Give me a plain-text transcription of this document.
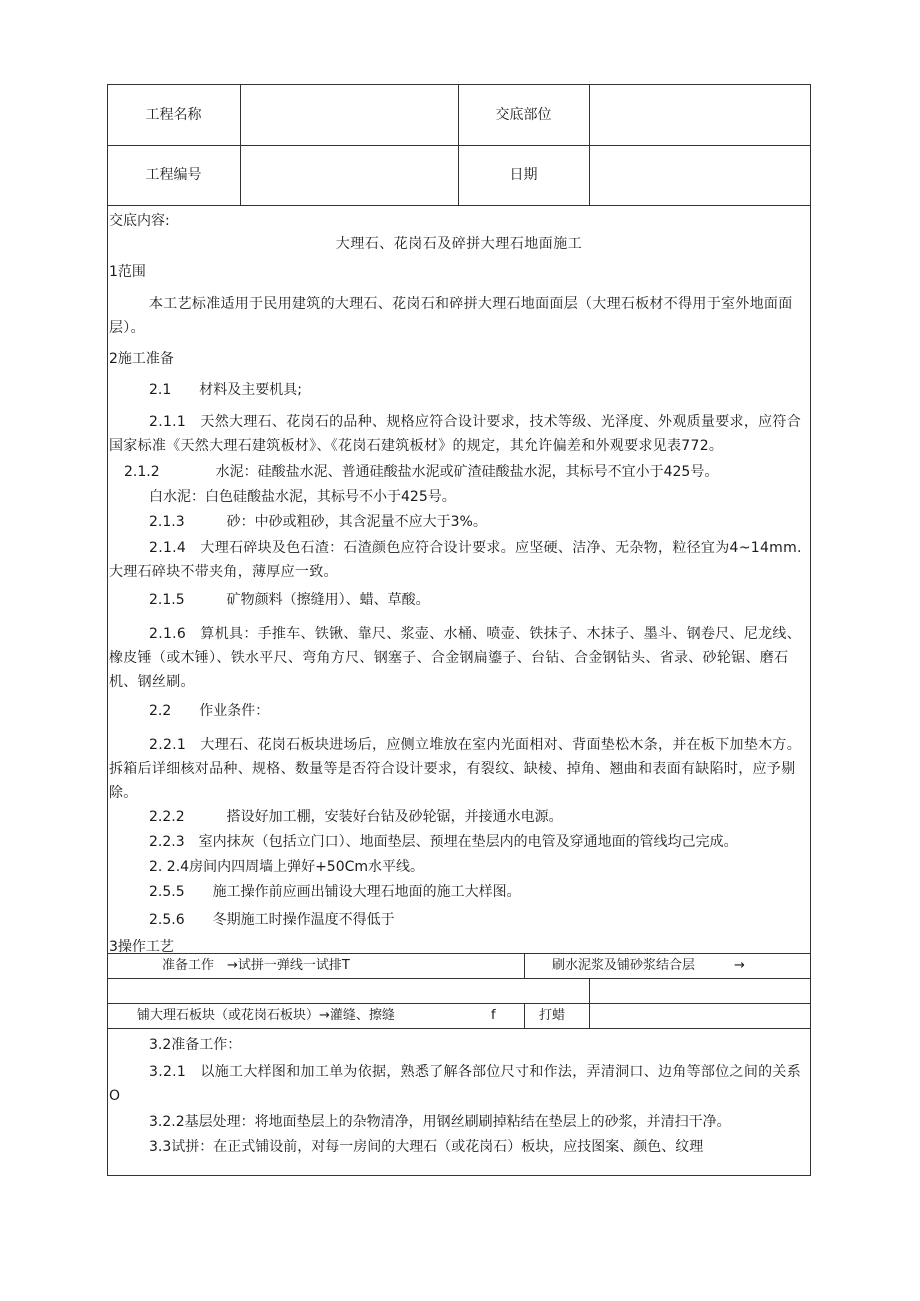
工程名称	交底部位
工程编号	日期
交底内容:
大理石、花岗石及碎拼大理石地面施工
1范围
本工艺标准适用于民用建筑的大理石、花岗石和碎拼大理石地面面层（大理石板材不得用于室外地面面层）。
2施工准备
2.1　　材料及主要机具;
2.1.1　天然大理石、花岗石的品种、规格应符合设计要求，技术等级、光泽度、外观质量要求，应符合国家标准《天然大理石建筑板材》、《花岗石建筑板材》的规定，其允许偏差和外观要求见表772。
2.1.2　　　　水泥：硅酸盐水泥、普通硅酸盐水泥或矿渣硅酸盐水泥，其标号不宜小于425号。
白水泥：白色硅酸盐水泥，其标号不小于425号。
2.1.3　　　砂：中砂或粗砂，其含泥量不应大于3%。
2.1.4　大理石碎块及色石渣：石渣颜色应符合设计要求。应坚硬、洁净、无杂物，粒径宜为4~14mm.大理石碎块不带夹角，薄厚应一致。
2.1.5　　　矿物颜料（擦缝用）、蜡、草酸。
2.1.6　算机具：手推车、铁锹、靠尺、浆壶、水桶、喷壶、铁抹子、木抹子、墨斗、钢卷尺、尼龙线、橡皮锤（或木锤）、铁水平尺、弯角方尺、钢塞子、合金钢扁鎏子、台钻、合金钢钻头、省录、砂轮锯、磨石机、钢丝刷。
2.2　　作业条件：
2.2.1　大理石、花岗石板块进场后，应侧立堆放在室内光面相对、背面垫松木条，并在板下加垫木方。拆箱后详细核对品种、规格、数量等是否符合设计要求，有裂纹、缺棱、掉角、翘曲和表面有缺陷时，应予剔除。
2.2.2　　　搭设好加工棚，安装好台钻及砂轮锯，并接通水电源。
2.2.3　室内抹灰（包括立门口）、地面垫层、预埋在垫层内的电管及穿通地面的管线均己完成。
2. 2.4房间内四周墙上弹好+50Cm水平线。
2.5.5　　施工操作前应画出铺设大理石地面的施工大样图。
2.5.6　　冬期施工时操作温度不得低于
3操作工艺
准备工作　→试拼一弹线一试排T	刷水泥浆及铺砂浆结合层　　　→
铺大理石板块（或花岗石板块）→灌缝、擦缝	f	打蜡
3.2准备工作：
3.2.1　以施工大样图和加工单为依据，熟悉了解各部位尺寸和作法，弄清洞口、边角等部位之间的关系O
3.2.2基层处理：将地面垫层上的杂物清净，用钢丝刷刷掉粘结在垫层上的砂浆，并清扫干净。
3.3试拼：在正式铺设前，对每一房间的大理石（或花岗石）板块，应技图案、颜色、纹理
